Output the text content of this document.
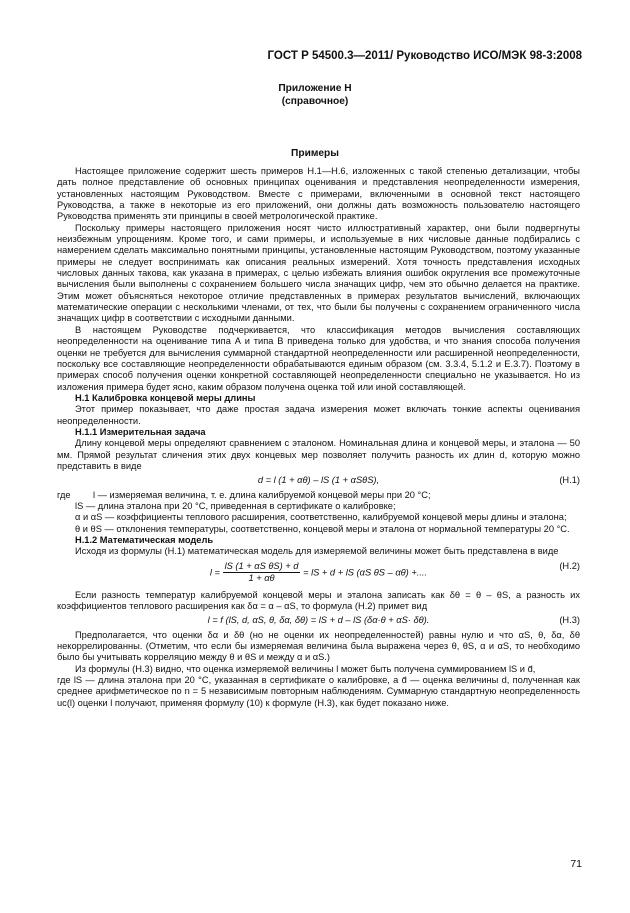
ГОСТ Р 54500.3—2011/ Руководство ИСО/МЭК 98-3:2008
Приложение Н
(справочное)
Примеры

Настоящее приложение содержит шесть примеров Н.1—Н.6, изложенных с такой степенью детализации, чтобы дать полное представление об основных принципах оценивания и представления неопределенности измерения, установленных настоящим Руководством. Вместе с примерами, включенными в основной текст настоящего Руководства, а также в некоторые из его приложений, они должны дать возможность пользователю настоящего Руководства применять эти принципы в своей метрологической практике.

Поскольку примеры настоящего приложения носят чисто иллюстративный характер, они были подвергнуты неизбежным упрощениям. Кроме того, и сами примеры, и используемые в них числовые данные подбирались с намерением сделать максимально понятными принципы, установленные настоящим Руководством, поэтому указанные примеры не следует воспринимать как описания реальных измерений. Хотя точность представления исходных числовых данных такова, как указана в примерах, с целью избежать влияния ошибок округления все промежуточные вычисления были выполнены с сохранением большего числа значащих цифр, чем это обычно делается на практике. Этим может объясняться некоторое отличие представленных в примерах результатов вычислений, включающих математические операции с несколькими членами, от тех, что были бы получены с сохранением ограниченного числа значащих цифр в соответствии с исходными данными.

В настоящем Руководстве подчеркивается, что классификация методов вычисления составляющих неопределенности на оценивание типа А и типа В приведена только для удобства, и что знания способа получения оценки не требуется для вычисления суммарной стандартной неопределенности или расширенной неопределенности, поскольку все составляющие неопределенности обрабатываются единым образом (см. 3.3.4, 5.1.2 и Е.3.7). Поэтому в примерах способ получения оценки конкретной составляющей неопределенности специально не указывается. Но из изложения примера будет ясно, каким образом получена оценка той или иной составляющей.

Н.1 Калибровка концевой меры длины

Этот пример показывает, что даже простая задача измерения может включать тонкие аспекты оценивания неопределенности.

Н.1.1 Измерительная задача

Длину концевой меры определяют сравнением с эталоном. Номинальная длина и концевой меры, и эталона — 50 мм. Прямой результат сличения этих двух концевых мер позволяет получить разность их длин d, которую можно представить в виде

d = l (1 + αθ) – lS (1 + αSθS),	(Н.1)
где	l — измеряемая величина, т. е. длина калибруемой концевой меры при 20 °С;

lS — длина эталона при 20 °С, приведенная в сертификате о калибровке;

α и αS — коэффициенты теплового расширения, соответственно, калибруемой концевой меры длины и эталона;

θ и θS — отклонения температуры, соответственно, концевой меры и эталона от нормальной температуры 20 °С.

Н.1.2 Математическая модель

Исходя из формулы (Н.1) математическая модель для измеряемой величины может быть представлена в виде

$l = \frac{\text{lS (1 + αS θS) + d}}{1 + \alpha\theta}$ = lS + d + lS (αS θS – αθ) +....
(Н.2)

Если разность температур калибруемой концевой меры и эталона записать как δθ = θ – θS, а разность их коэффициентов теплового расширения как δα = α – αS, то формула (Н.2) примет вид

l = f (lS, d, αS, θ, δα, δθ) = lS + d – lS (δα·θ + αS· δθ).	(Н.3)

Предполагается, что оценки δα и δθ (но не оценки их неопределенностей) равны нулю и что αS, θ, δα, δθ некоррелированны. (Отметим, что если бы измеряемая величина была выражена через θ, θS, α и αS, то необходимо было бы учитывать корреляцию между θ и θS и между α и αS.)

Из формулы (Н.3) видно, что оценка измеряемой величины l может быть получена суммированием lS и d̄,

где lS — длина эталона при 20 °С, указанная в сертификате о калибровке, а d̄ — оценка величины d, полученная как среднее арифметическое по n = 5 независимым повторным наблюдениям. Суммарную стандартную неопределенность uc(l) оценки l получают, применяя формулу (10) к формуле (Н.3), как будет показано ниже.

71
